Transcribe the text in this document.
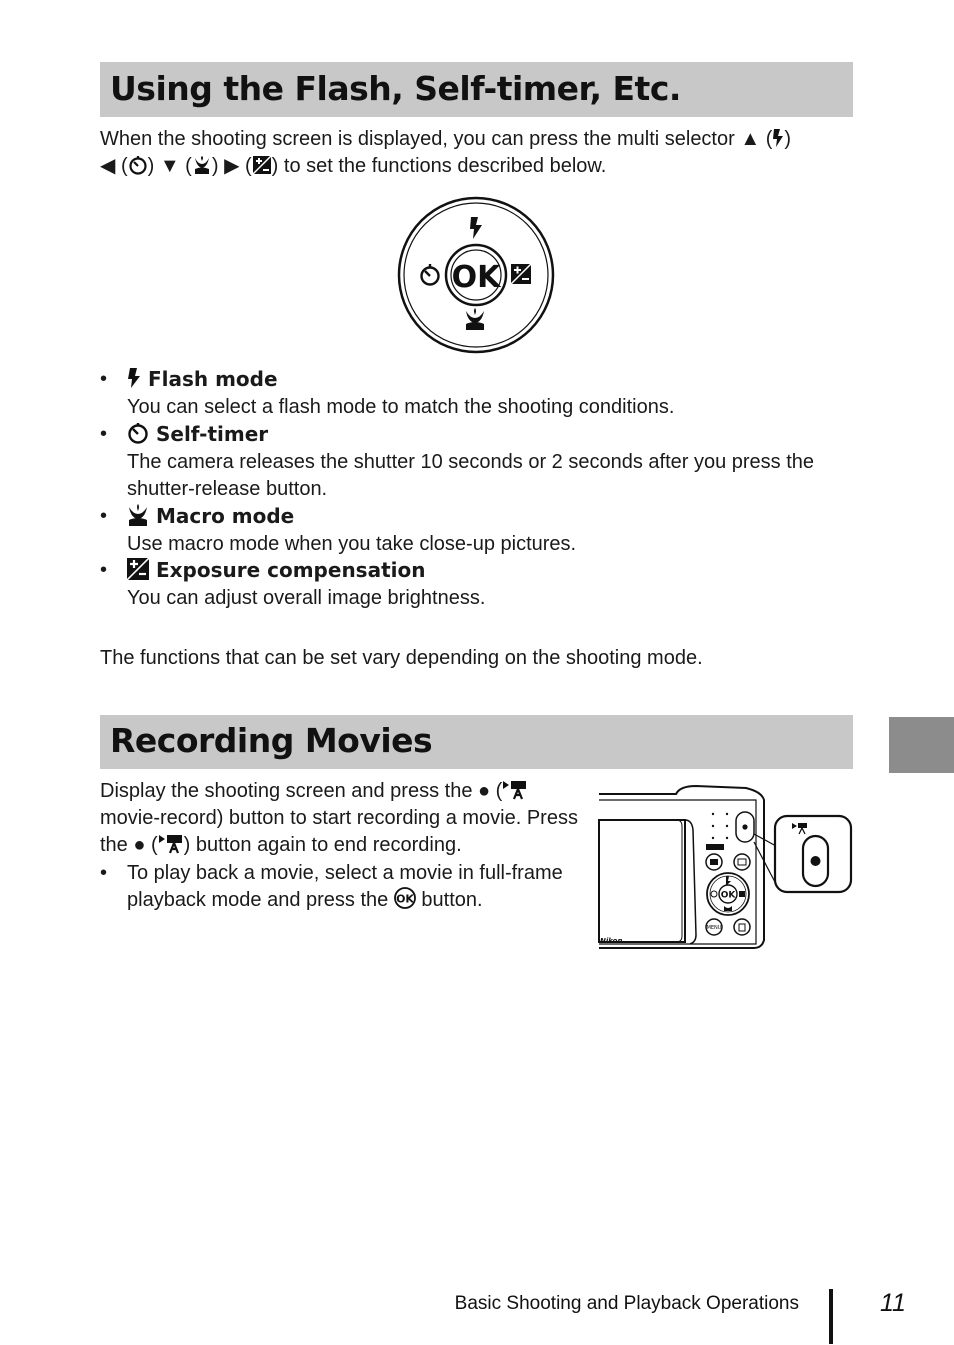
Using the Flash, Self-timer, Etc.
When the shooting screen is displayed, you can press the multi selector ▲ ( )
◀ ( ) ▼ ( ) ▶ ( ) to set the functions described below.
OK
•	Flash mode
You can select a flash mode to match the shooting conditions.
•	Self-timer
The camera releases the shutter 10 seconds or 2 seconds after you press the shutter-release button.
•	Macro mode
Use macro mode when you take close-up pictures.
•	Exposure compensation
You can adjust overall image brightness.
The functions that can be set vary depending on the shooting mode.
Recording Movies
Display the shooting screen and press the ● ( movie-record) button to start recording a movie. Press the ● ( ) button again to end recording.
• To play back a movie, select a movie in full-frame playback mode and press the OK button.
Nikon
OK
MENU
Basic Shooting and Playback Operations	11
